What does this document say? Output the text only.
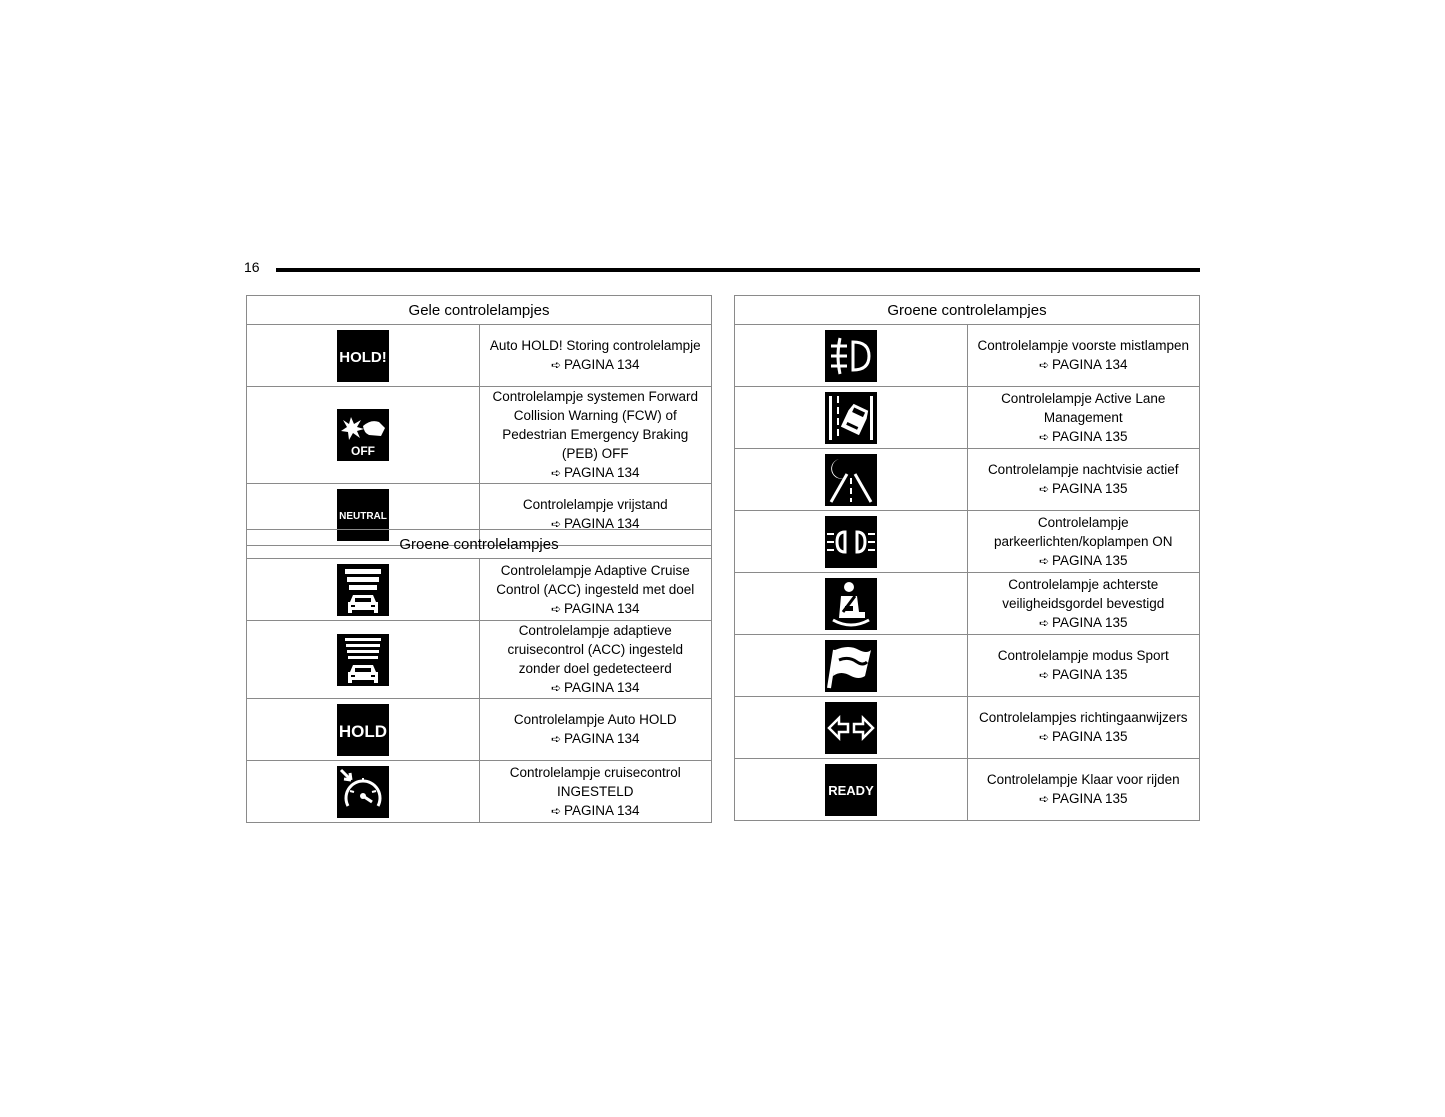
16
Gele controlelampjes	

HOLD!	Auto HOLD! Storing controlelampje
➪ PAGINA 134

OFF	Controlelampje systemen Forward Collision Warning (FCW) of Pedestrian Emergency Braking (PEB) OFF
➪ PAGINA 134

NEUTRAL	Controlelampje vrijstand
➪ PAGINA 134
Groene controlelampjes	

Controlelampje Adaptive Cruise Control (ACC) ingesteld met doel
➪ PAGINA 134

Controlelampje adaptieve cruisecontrol (ACC) ingesteld zonder doel gedetecteerd
➪ PAGINA 134

HOLD	Controlelampje Auto HOLD
➪ PAGINA 134

Controlelampje cruisecontrol INGESTELD
➪ PAGINA 134
Groene controlelampjes	

Controlelampje voorste mistlampen
➪ PAGINA 134

Controlelampje Active Lane Management
➪ PAGINA 135

Controlelampje nachtvisie actief
➪ PAGINA 135

Controlelampje parkeerlichten/koplampen ON
➪ PAGINA 135

Controlelampje achterste veiligheidsgordel bevestigd
➪ PAGINA 135

Controlelampje modus Sport
➪ PAGINA 135

Controlelampjes richtingaanwijzers
➪ PAGINA 135

READY	Controlelampje Klaar voor rijden
➪ PAGINA 135
